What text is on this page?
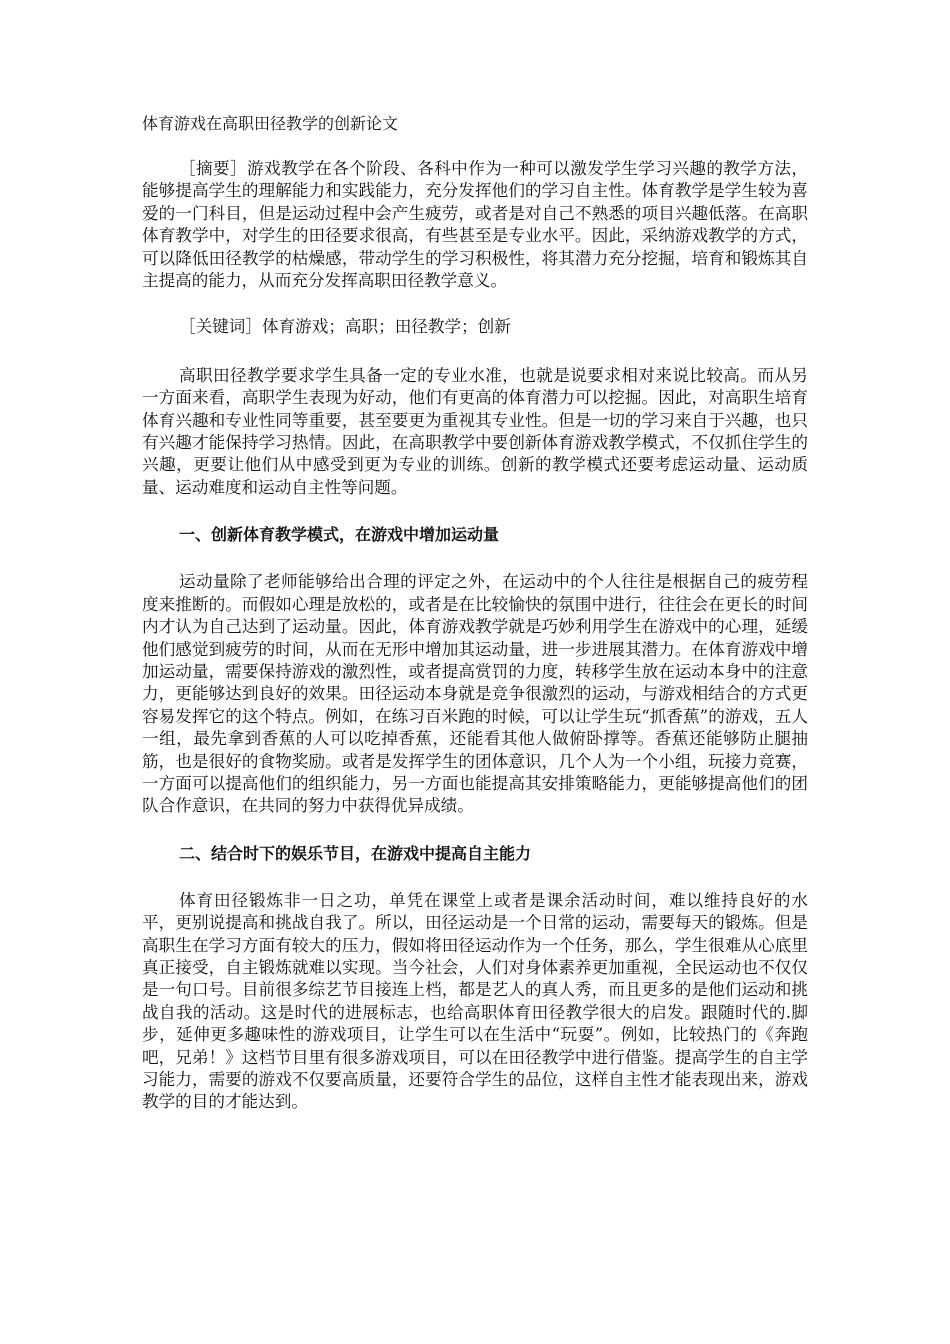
体育游戏在高职田径教学的创新论文

［摘要］游戏教学在各个阶段、各科中作为一种可以激发学生学习兴趣的教学方法，能够提高学生的理解能力和实践能力，充分发挥他们的学习自主性。体育教学是学生较为喜爱的一门科目，但是运动过程中会产生疲劳，或者是对自己不熟悉的项目兴趣低落。在高职体育教学中，对学生的田径要求很高，有些甚至是专业水平。因此，采纳游戏教学的方式，可以降低田径教学的枯燥感，带动学生的学习积极性，将其潜力充分挖掘，培育和锻炼其自主提高的能力，从而充分发挥高职田径教学意义。

［关键词］体育游戏；高职；田径教学；创新

高职田径教学要求学生具备一定的专业水准，也就是说要求相对来说比较高。而从另一方面来看，高职学生表现为好动，他们有更高的体育潜力可以挖掘。因此，对高职生培育体育兴趣和专业性同等重要，甚至要更为重视其专业性。但是一切的学习来自于兴趣，也只有兴趣才能保持学习热情。因此，在高职教学中要创新体育游戏教学模式，不仅抓住学生的兴趣，更要让他们从中感受到更为专业的训练。创新的教学模式还要考虑运动量、运动质量、运动难度和运动自主性等问题。

一、创新体育教学模式，在游戏中增加运动量

运动量除了老师能够给出合理的评定之外，在运动中的个人往往是根据自己的疲劳程度来推断的。而假如心理是放松的，或者是在比较愉快的氛围中进行，往往会在更长的时间内才认为自己达到了运动量。因此，体育游戏教学就是巧妙利用学生在游戏中的心理，延缓他们感觉到疲劳的时间，从而在无形中增加其运动量，进一步进展其潜力。在体育游戏中增加运动量，需要保持游戏的激烈性，或者提高赏罚的力度，转移学生放在运动本身中的注意力，更能够达到良好的效果。田径运动本身就是竞争很激烈的运动，与游戏相结合的方式更容易发挥它的这个特点。例如，在练习百米跑的时候，可以让学生玩“抓香蕉”的游戏，五人一组，最先拿到香蕉的人可以吃掉香蕉，还能看其他人做俯卧撑等。香蕉还能够防止腿抽筋，也是很好的食物奖励。或者是发挥学生的团体意识，几个人为一个小组，玩接力竞赛，一方面可以提高他们的组织能力，另一方面也能提高其安排策略能力，更能够提高他们的团队合作意识，在共同的努力中获得优异成绩。

二、结合时下的娱乐节目，在游戏中提高自主能力

体育田径锻炼非一日之功，单凭在课堂上或者是课余活动时间，难以维持良好的水平，更别说提高和挑战自我了。所以，田径运动是一个日常的运动，需要每天的锻炼。但是高职生在学习方面有较大的压力，假如将田径运动作为一个任务，那么，学生很难从心底里真正接受，自主锻炼就难以实现。当今社会，人们对身体素养更加重视，全民运动也不仅仅是一句口号。目前很多综艺节目接连上档，都是艺人的真人秀，而且更多的是他们运动和挑战自我的活动。这是时代的进展标志，也给高职体育田径教学很大的启发。跟随时代的.脚步，延伸更多趣味性的游戏项目，让学生可以在生活中“玩耍”。例如，比较热门的《奔跑吧，兄弟！》这档节目里有很多游戏项目，可以在田径教学中进行借鉴。提高学生的自主学习能力，需要的游戏不仅要高质量，还要符合学生的品位，这样自主性才能表现出来，游戏教学的目的才能达到。
